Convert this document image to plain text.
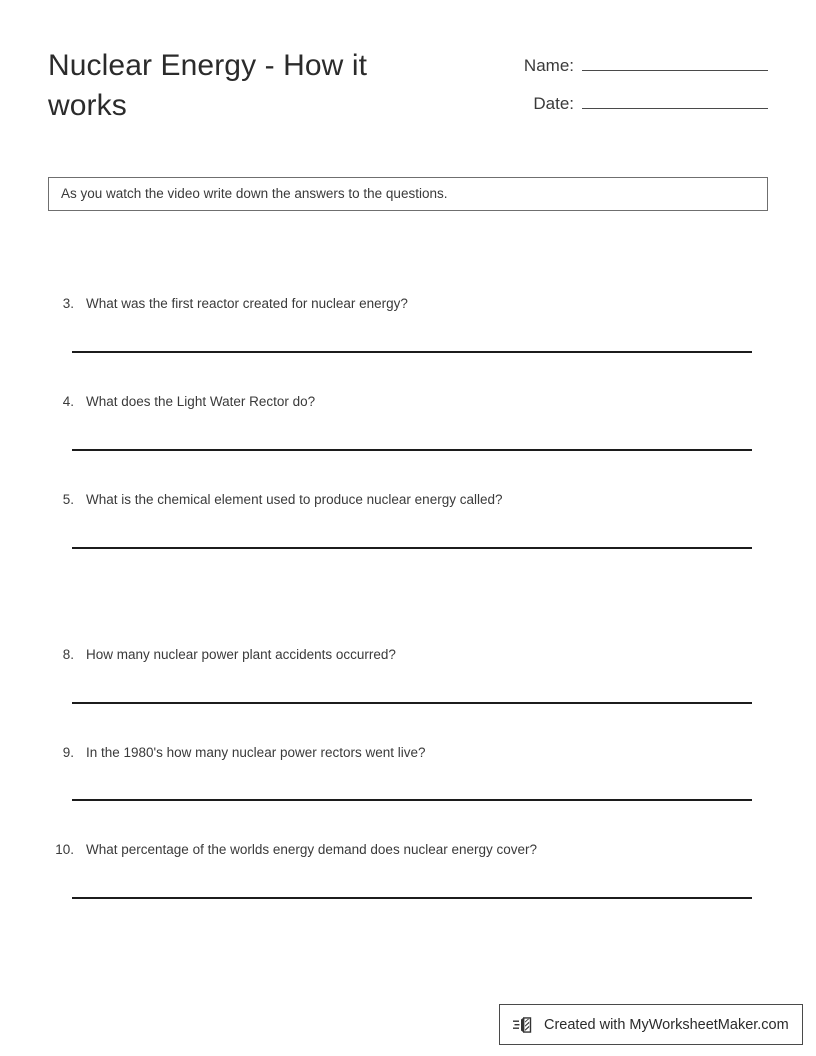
Nuclear Energy - How it works
Name:
Date:
As you watch the video write down the answers to the questions.
3. What was the first reactor created for nuclear energy?
4. What does the Light Water Rector do?
5. What is the chemical element used to produce nuclear energy called?
8. How many nuclear power plant accidents occurred?
9. In the 1980's how many nuclear power rectors went live?
10. What percentage of the worlds energy demand does nuclear energy cover?
Created with MyWorksheetMaker.com
